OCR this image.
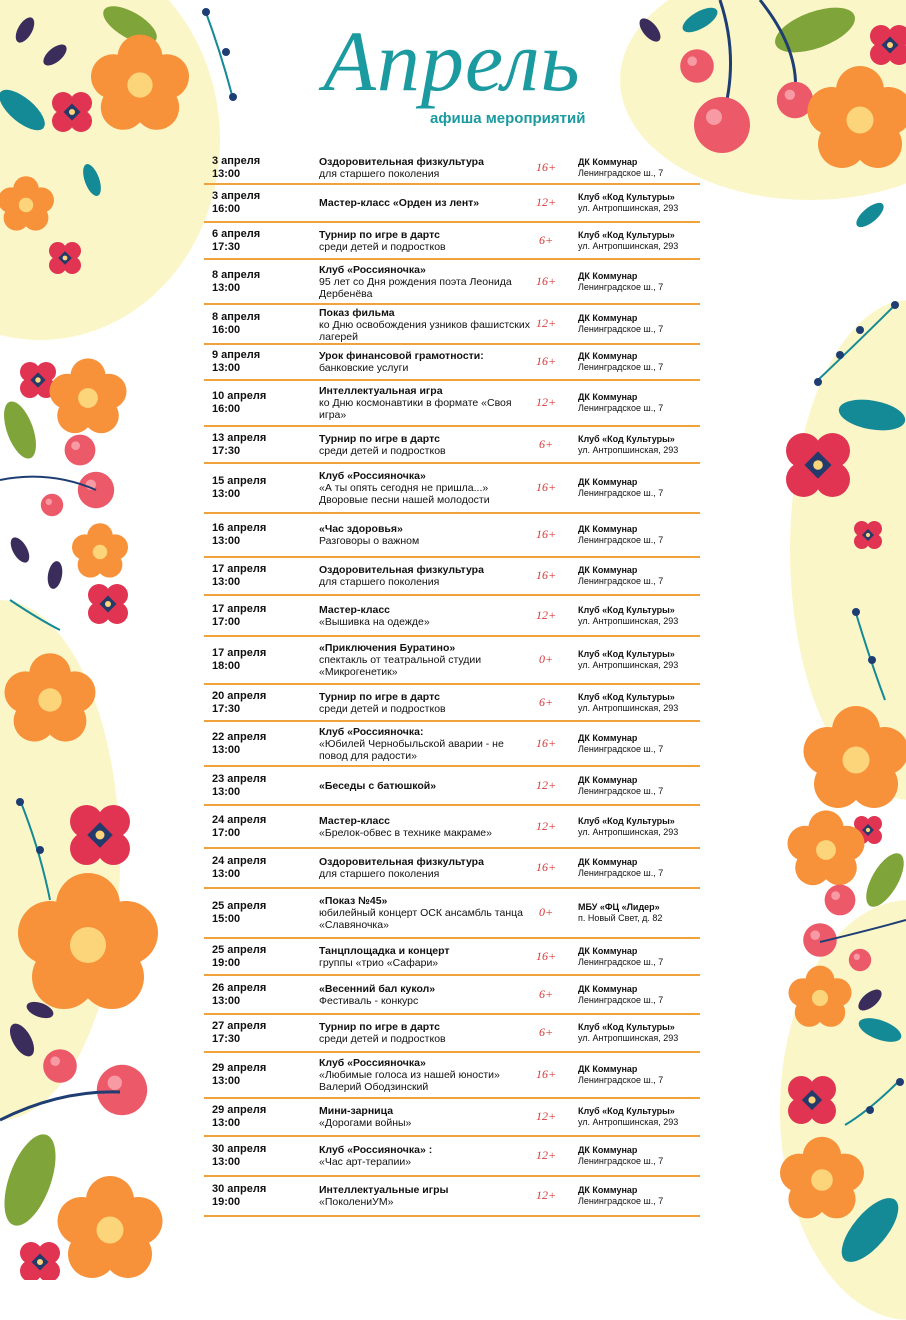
Апрель
афиша мероприятий
3 апреля
13:00
Оздоровительная физкультура
для старшего поколения	16+ ДК Коммунар
Ленинградское ш., 7
3 апреля
16:00	Мастер-класс «Орден из лент»	12+ Клуб «Код Культуры»
ул. Антропшинская, 293
6 апреля
17:30
Турнир по игре в дартс
среди детей и подростков	6+	Клуб «Код Культуры»
ул. Антропшинская, 293
8 апреля
13:00
Клуб «Россияночка»
95 лет со Дня рождения поэта Леонида Дербенёва
16+ ДК Коммунар
Ленинградское ш., 7
8 апреля
16:00
Показ фильма
ко Дню освобождения узников фашистских лагерей
12+ ДК Коммунар
Ленинградское ш., 7
9 апреля
13:00
Урок финансовой грамотности:
банковские услуги	16+ ДК Коммунар
Ленинградское ш., 7
10 апреля
16:00
Интеллектуальная игра
ко Дню космонавтики в формате «Своя игра»
12+ ДК Коммунар
Ленинградское ш., 7
13 апреля
17:30
Турнир по игре в дартс
среди детей и подростков	6+	Клуб «Код Культуры»
ул. Антропшинская, 293
15 апреля
13:00
Клуб «Россияночка»
«А ты опять сегодня не пришла...» Дворовые песни нашей молодости
16+ ДК Коммунар
Ленинградское ш., 7
16 апреля
13:00
«Час здоровья»
Разговоры о важном	16+ ДК Коммунар
Ленинградское ш., 7
17 апреля
13:00
Оздоровительная физкультура
для старшего поколения	16+ ДК Коммунар
Ленинградское ш., 7
17 апреля
17:00
Мастер-класс
«Вышивка на одежде»	12+ Клуб «Код Культуры»
ул. Антропшинская, 293
17 апреля
18:00
«Приключения Буратино»
спектакль от театральной студии «Микрогенетик»
0+	Клуб «Код Культуры»
ул. Антропшинская, 293
20 апреля
17:30
Турнир по игре в дартс
среди детей и подростков	6+	Клуб «Код Культуры»
ул. Антропшинская, 293
22 апреля
13:00
Клуб «Россияночка:
«Юбилей Чернобыльской аварии - не повод для радости»
16+ ДК Коммунар
Ленинградское ш., 7
23 апреля
13:00	«Беседы с батюшкой»	12+ ДК Коммунар
Ленинградское ш., 7
24 апреля
17:00
Мастер-класс
«Брелок-обвес в технике макраме»	12+ Клуб «Код Культуры»
ул. Антропшинская, 293
24 апреля
13:00
Оздоровительная физкультура
для старшего поколения	16+ ДК Коммунар
Ленинградское ш., 7
25 апреля
15:00
«Показ №45»
юбилейный концерт ОСК ансамбль танца «Славяночка»
0+	МБУ «ФЦ «Лидер»
п. Новый Свет, д. 82
25 апреля
19:00
Танцплощадка и концерт
группы «трио «Сафари»	16+ ДК Коммунар
Ленинградское ш., 7
26 апреля
13:00
«Весенний бал кукол»
Фестиваль - конкурс	6+	ДК Коммунар
Ленинградское ш., 7
27 апреля
17:30
Турнир по игре в дартс
среди детей и подростков	6+	Клуб «Код Культуры»
ул. Антропшинская, 293
29 апреля
13:00
Клуб «Россияночка»
«Любимые голоса из нашей юности» Валерий Ободзинский
16+ ДК Коммунар
Ленинградское ш., 7
29 апреля
13:00
Мини-зарница
«Дорогами войны»	12+ Клуб «Код Культуры»
ул. Антропшинская, 293
30 апреля
13:00
Клуб «Россияночка» :
«Час арт-терапии»	12+ ДК Коммунар
Ленинградское ш., 7
30 апреля
19:00
Интеллектуальные игры
«ПоколениУМ»	12+ ДК Коммунар
Ленинградское ш., 7
